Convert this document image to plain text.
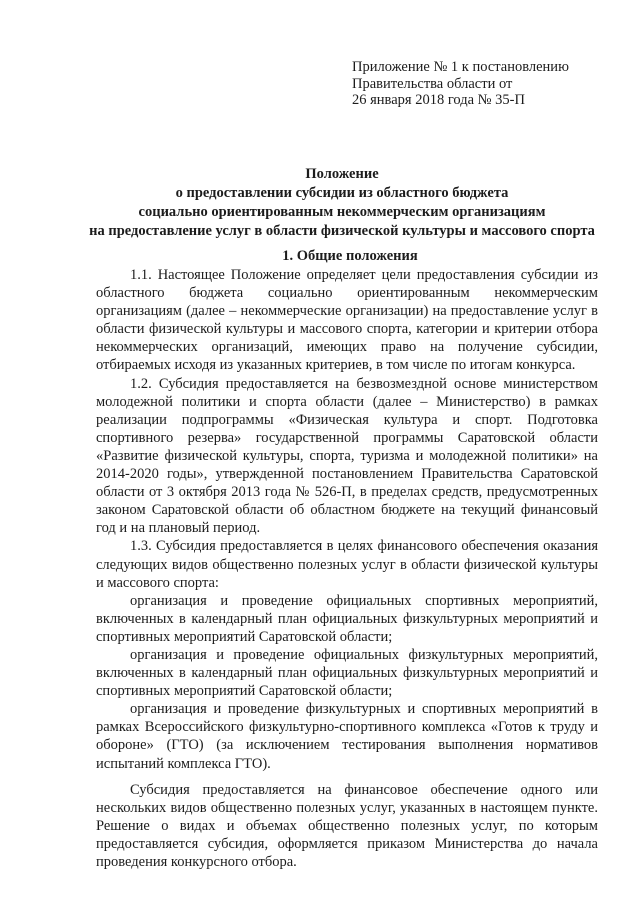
Приложение № 1 к постановлению
Правительства области от
26 января 2018 года № 35-П
Положение
о предоставлении субсидии из областного бюджета
социально ориентированным некоммерческим организациям
на предоставление услуг в области физической культуры и массового спорта
1. Общие положения

1.1. Настоящее Положение определяет цели предоставления субсидии из областного бюджета социально ориентированным некоммерческим организациям (далее – некоммерческие организации) на предоставление услуг в области физической культуры и массового спорта, категории и критерии отбора некоммерческих организаций, имеющих право на получение субсидии, отбираемых исходя из указанных критериев, в том числе по итогам конкурса.

1.2. Субсидия предоставляется на безвозмездной основе министерством молодежной политики и спорта области (далее – Министерство) в рамках реализации подпрограммы «Физическая культура и спорт. Подготовка спортивного резерва» государственной программы Саратовской области «Развитие физической культуры, спорта, туризма и молодежной политики» на 2014-2020 годы», утвержденной постановлением Правительства Саратовской области от 3 октября 2013 года № 526-П, в пределах средств, предусмотренных законом Саратовской области об областном бюджете на текущий финансовый год и на плановый период.

1.3. Субсидия предоставляется в целях финансового обеспечения оказания следующих видов общественно полезных услуг в области физической культуры и массового спорта:

организация и проведение официальных спортивных мероприятий, включенных в календарный план официальных физкультурных мероприятий и спортивных мероприятий Саратовской области;

организация и проведение официальных физкультурных мероприятий, включенных в календарный план официальных физкультурных мероприятий и спортивных мероприятий Саратовской области;

организация и проведение физкультурных и спортивных мероприятий в рамках Всероссийского физкультурно-спортивного комплекса «Готов к труду и обороне» (ГТО) (за исключением тестирования выполнения нормативов испытаний комплекса ГТО).

Субсидия предоставляется на финансовое обеспечение одного или нескольких видов общественно полезных услуг, указанных в настоящем пункте. Решение о видах и объемах общественно полезных услуг, по которым предоставляется субсидия, оформляется приказом Министерства до начала проведения конкурсного отбора.
